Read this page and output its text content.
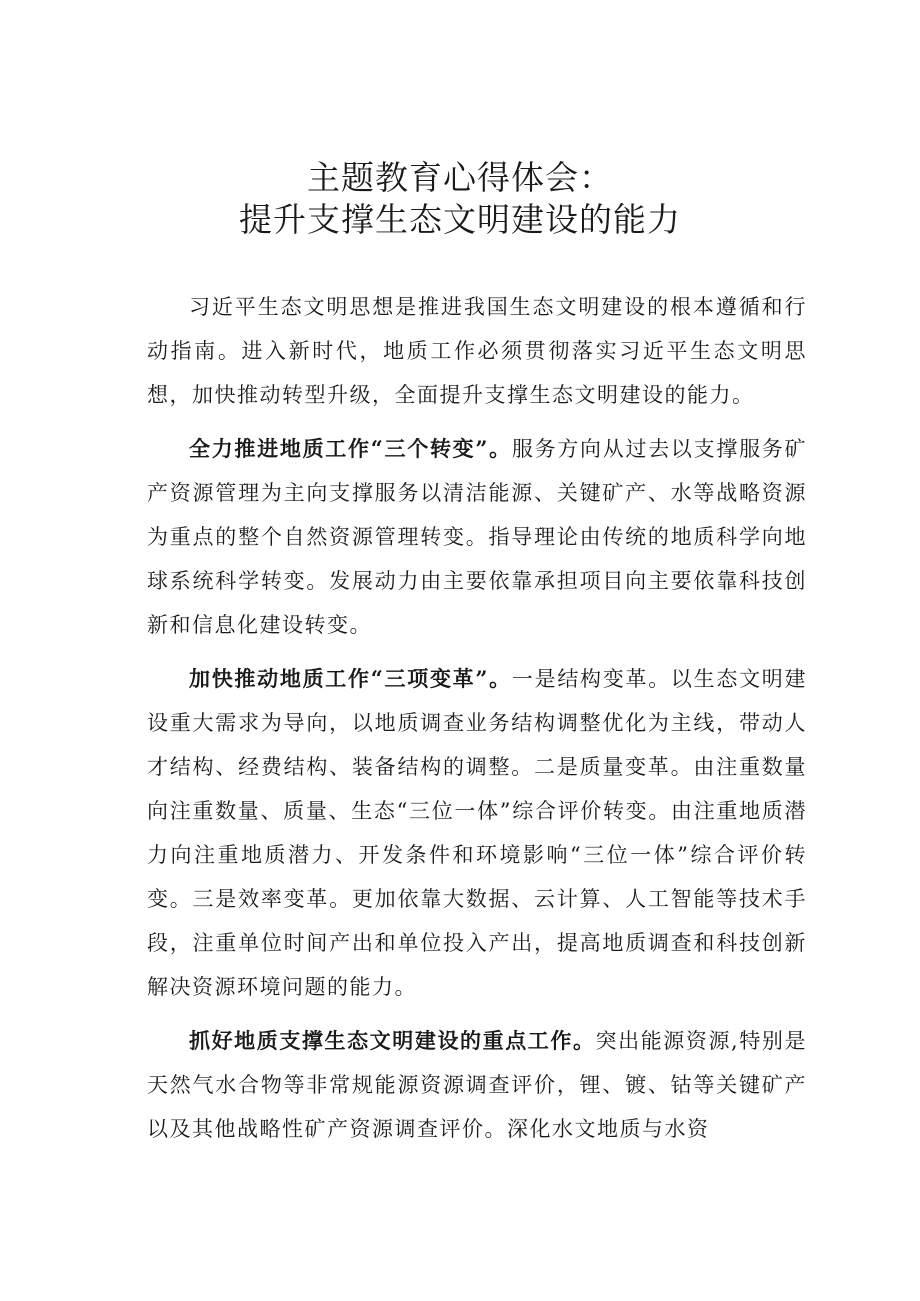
主题教育心得体会：
提升支撑生态文明建设的能力

习近平生态文明思想是推进我国生态文明建设的根本遵循和行动指南。进入新时代，地质工作必须贯彻落实习近平生态文明思想，加快推动转型升级，全面提升支撑生态文明建设的能力。

全力推进地质工作“三个转变”。服务方向从过去以支撑服务矿产资源管理为主向支撑服务以清洁能源、关键矿产、水等战略资源为重点的整个自然资源管理转变。指导理论由传统的地质科学向地球系统科学转变。发展动力由主要依靠承担项目向主要依靠科技创新和信息化建设转变。

加快推动地质工作“三项变革”。一是结构变革。以生态文明建设重大需求为导向，以地质调查业务结构调整优化为主线，带动人才结构、经费结构、装备结构的调整。二是质量变革。由注重数量向注重数量、质量、生态“三位一体”综合评价转变。由注重地质潜力向注重地质潜力、开发条件和环境影响“三位一体”综合评价转变。三是效率变革。更加依靠大数据、云计算、人工智能等技术手段，注重单位时间产出和单位投入产出，提高地质调查和科技创新解决资源环境问题的能力。

抓好地质支撑生态文明建设的重点工作。突出能源资源,特别是天然气水合物等非常规能源资源调查评价，锂、镀、钴等关键矿产以及其他战略性矿产资源调查评价。深化水文地质与水资
